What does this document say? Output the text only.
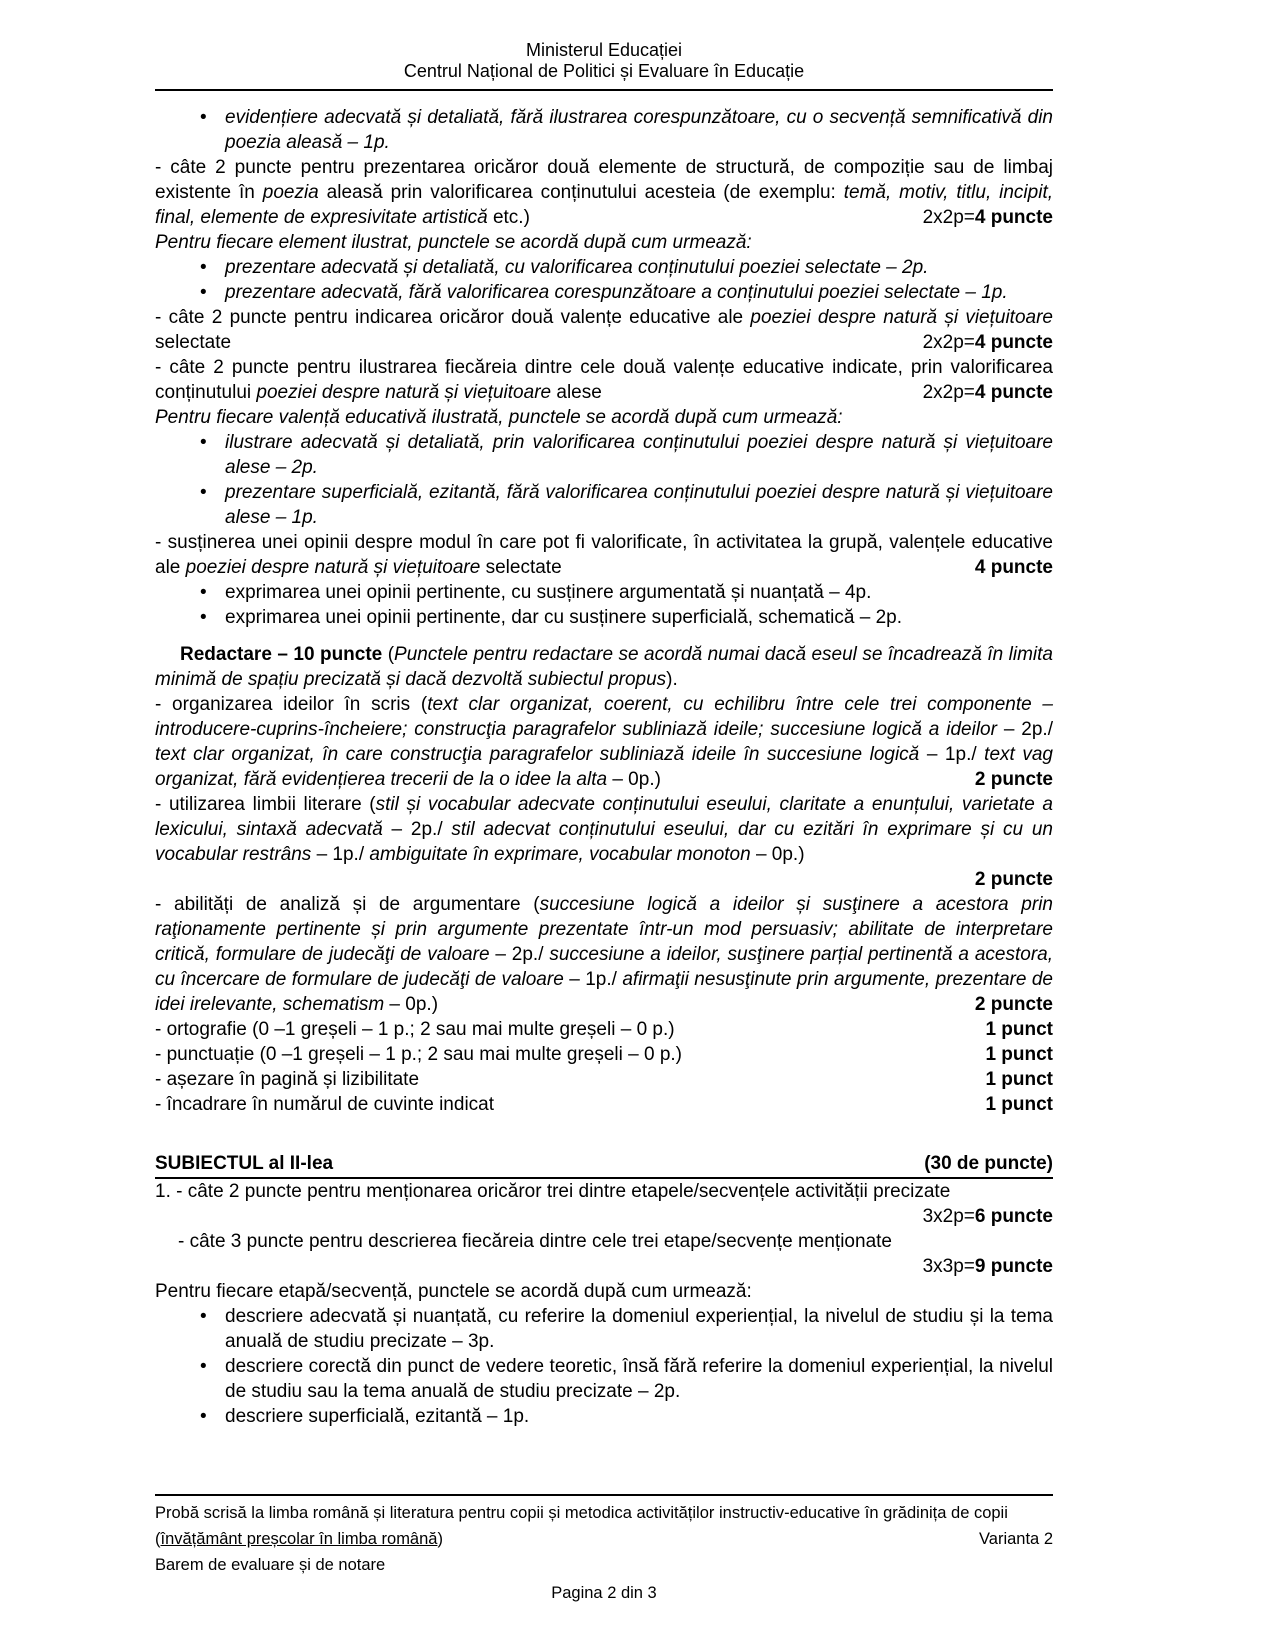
Ministerul Educației
Centrul Național de Politici și Evaluare în Educație
• evidențiere adecvată și detaliată, fără ilustrarea corespunzătoare, cu o secvență semnificativă din poezia aleasă – 1p.
- câte 2 puncte pentru prezentarea oricăror două elemente de structură, de compoziție sau de limbaj existente în poezia aleasă prin valorificarea conținutului acesteia (de exemplu: temă, motiv, titlu, incipit, final, elemente de expresivitate artistică etc.)	2x2p=4 puncte
Pentru fiecare element ilustrat, punctele se acordă după cum urmează:
• prezentare adecvată și detaliată, cu valorificarea conținutului poeziei selectate – 2p.
• prezentare adecvată, fără valorificarea corespunzătoare a conținutului poeziei selectate – 1p.
- câte 2 puncte pentru indicarea oricăror două valențe educative ale poeziei despre natură și viețuitoare selectate	2x2p=4 puncte
- câte 2 puncte pentru ilustrarea fiecăreia dintre cele două valențe educative indicate, prin valorificarea conținutului poeziei despre natură și viețuitoare alese	2x2p=4 puncte
Pentru fiecare valență educativă ilustrată, punctele se acordă după cum urmează:
• ilustrare adecvată și detaliată, prin valorificarea conținutului poeziei despre natură și viețuitoare alese – 2p.
• prezentare superficială, ezitantă, fără valorificarea conținutului poeziei despre natură și viețuitoare alese – 1p.
- susținerea unei opinii despre modul în care pot fi valorificate, în activitatea la grupă, valențele educative ale poeziei despre natură și viețuitoare selectate	4 puncte
• exprimarea unei opinii pertinente, cu susținere argumentată și nuanțată – 4p.
• exprimarea unei opinii pertinente, dar cu susținere superficială, schematică – 2p.
Redactare – 10 puncte (Punctele pentru redactare se acordă numai dacă eseul se încadrează în limita minimă de spațiu precizată și dacă dezvoltă subiectul propus).
- organizarea ideilor în scris (text clar organizat, coerent, cu echilibru între cele trei componente – introducere-cuprins-încheiere; construcţia paragrafelor subliniază ideile; succesiune logică a ideilor – 2p./ text clar organizat, în care construcţia paragrafelor subliniază ideile în succesiune logică – 1p./ text vag organizat, fără evidențierea trecerii de la o idee la alta – 0p.)	2 puncte
- utilizarea limbii literare (stil și vocabular adecvate conținutului eseului, claritate a enunțului, varietate a lexicului, sintaxă adecvată – 2p./ stil adecvat conținutului eseului, dar cu ezitări în exprimare și cu un vocabular restrâns – 1p./ ambiguitate în exprimare, vocabular monoton – 0p.)
2 puncte
- abilități de analiză și de argumentare (succesiune logică a ideilor și susţinere a acestora prin raţionamente pertinente și prin argumente prezentate într-un mod persuasiv; abilitate de interpretare critică, formulare de judecăţi de valoare – 2p./ succesiune a ideilor, susţinere parțial pertinentă a acestora, cu încercare de formulare de judecăţi de valoare – 1p./ afirmaţii nesusţinute prin argumente, prezentare de idei irelevante, schematism – 0p.)	2 puncte
- ortografie (0 –1 greșeli – 1 p.; 2 sau mai multe greșeli – 0 p.)	1 punct
- punctuație (0 –1 greșeli – 1 p.; 2 sau mai multe greșeli – 0 p.)	1 punct
- așezare în pagină și lizibilitate	1 punct
- încadrare în numărul de cuvinte indicat	1 punct
SUBIECTUL al II-lea	(30 de puncte)
1. - câte 2 puncte pentru menționarea oricăror trei dintre etapele/secvențele activității precizate
3x2p=6 puncte
- câte 3 puncte pentru descrierea fiecăreia dintre cele trei etape/secvențe menționate
3x3p=9 puncte
Pentru fiecare etapă/secvență, punctele se acordă după cum urmează:
• descriere adecvată și nuanțată, cu referire la domeniul experiențial, la nivelul de studiu și la tema anuală de studiu precizate – 3p.
• descriere corectă din punct de vedere teoretic, însă fără referire la domeniul experiențial, la nivelul de studiu sau la tema anuală de studiu precizate – 2p.
• descriere superficială, ezitantă – 1p.
Probă scrisă la limba română și literatura pentru copii și metodica activităților instructiv-educative în grădinița de copii (învățământ preșcolar în limba română)	Varianta 2
Barem de evaluare și de notare
Pagina 2 din 3
